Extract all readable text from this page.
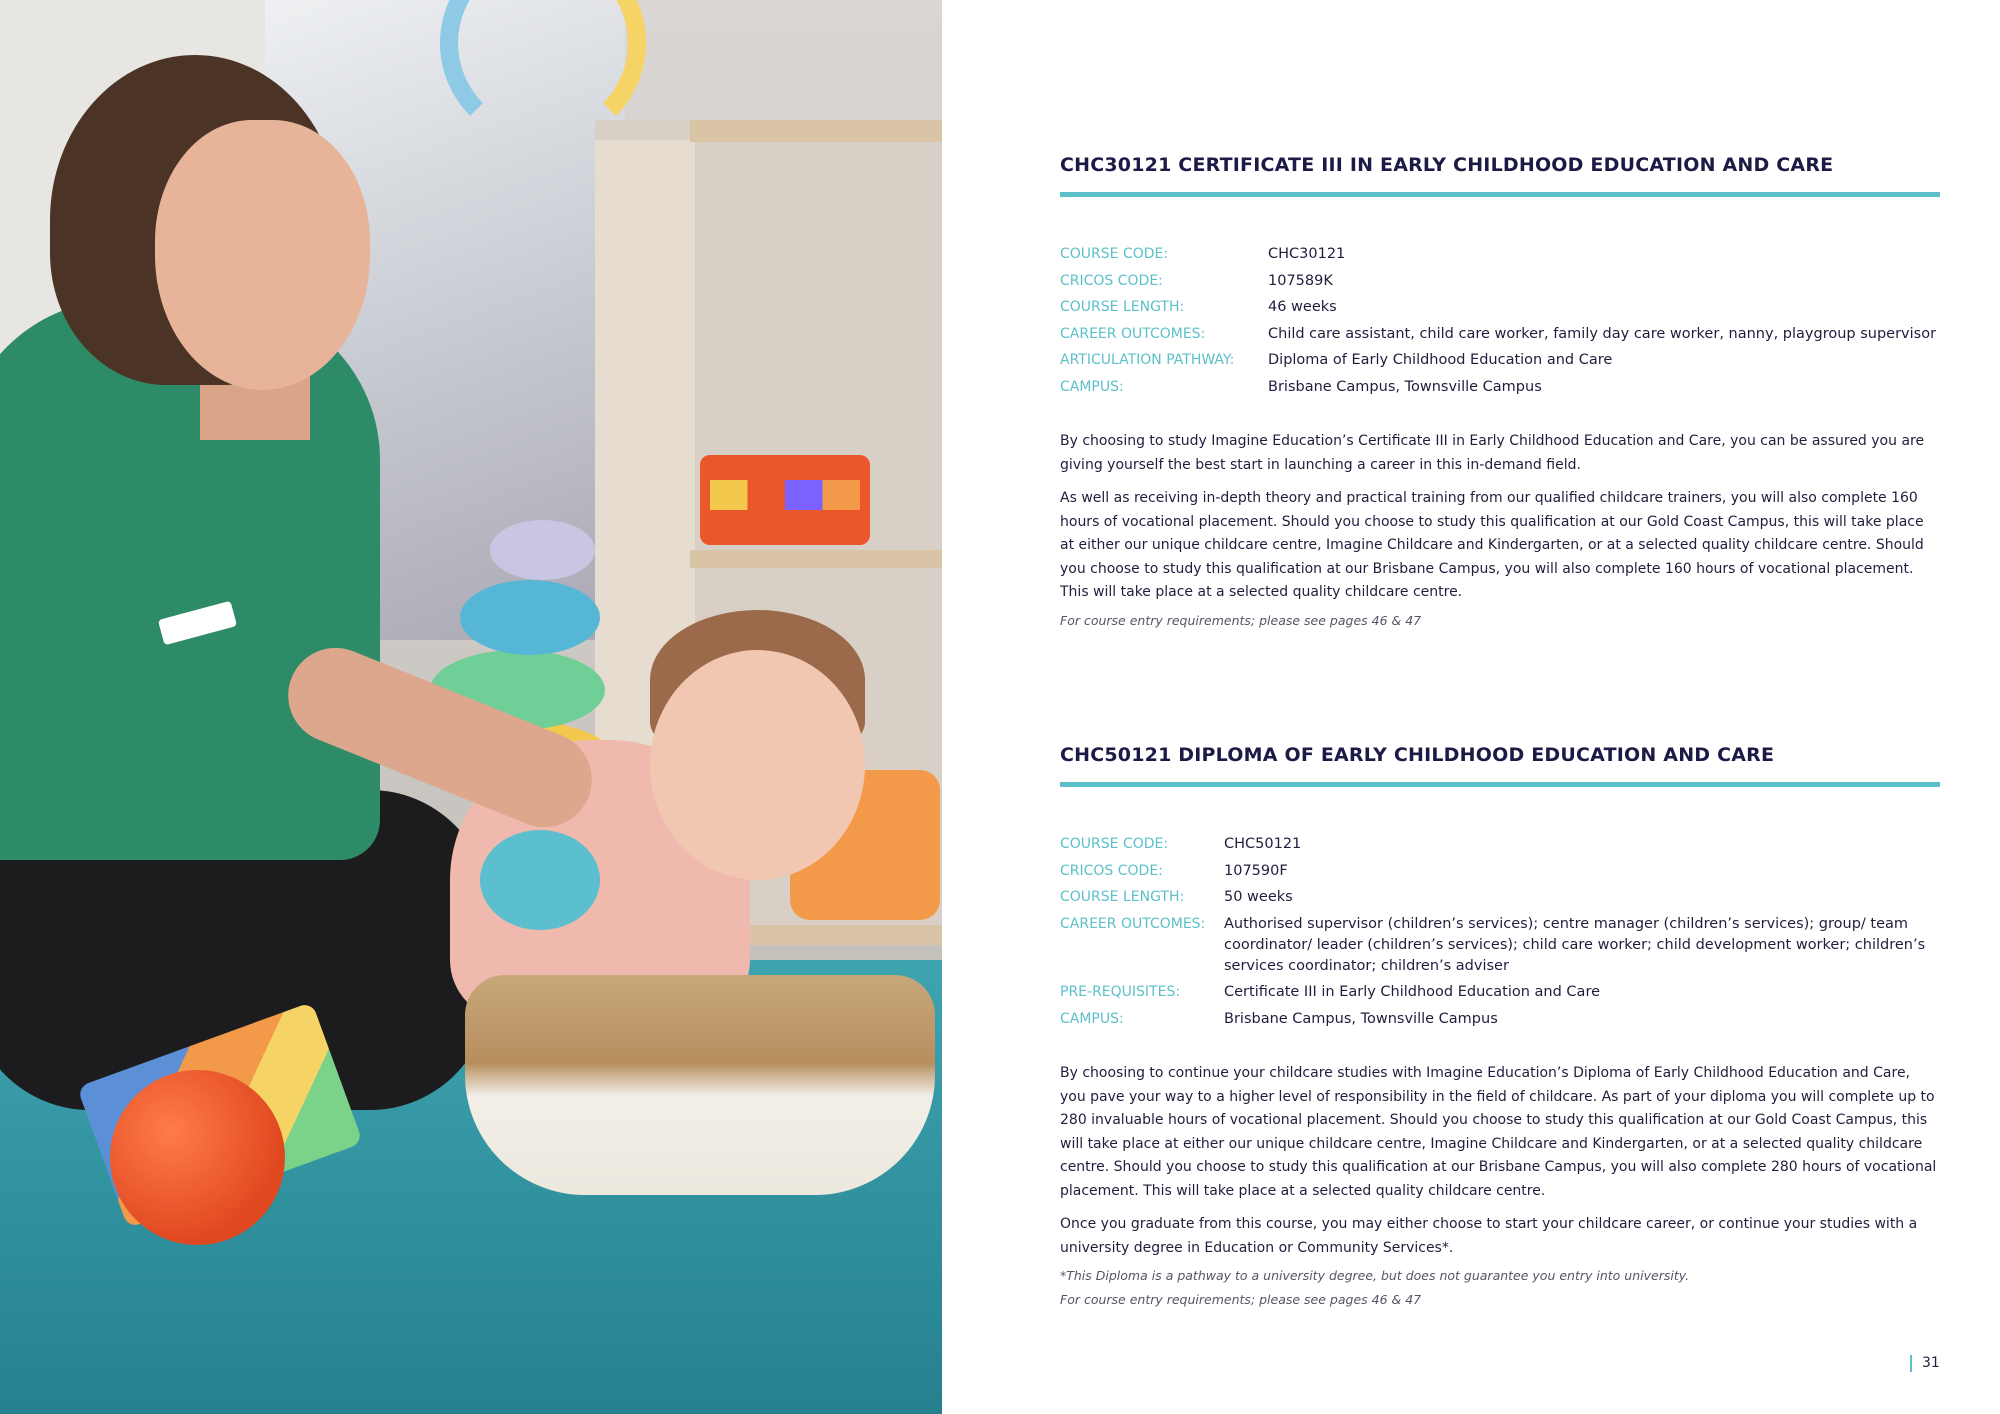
CHC30121 CERTIFICATE III IN EARLY CHILDHOOD EDUCATION AND CARE
COURSE CODE:	CHC30121
CRICOS CODE:	107589K
COURSE LENGTH:	46 weeks
CAREER OUTCOMES:	Child care assistant, child care worker, family day care worker, nanny, playgroup supervisor
ARTICULATION PATHWAY:	Diploma of Early Childhood Education and Care
CAMPUS:	Brisbane Campus, Townsville Campus

By choosing to study Imagine Education’s Certificate III in Early Childhood Education and Care, you can be assured you are giving yourself the best start in launching a career in this in-demand field.

As well as receiving in-depth theory and practical training from our qualified childcare trainers, you will also complete 160 hours of vocational placement. Should you choose to study this qualification at our Gold Coast Campus, this will take place at either our unique childcare centre, Imagine Childcare and Kindergarten, or at a selected quality childcare centre. Should you choose to study this qualification at our Brisbane Campus, you will also complete 160 hours of vocational placement. This will take place at a selected quality childcare centre.

For course entry requirements; please see pages 46 & 47

CHC50121 DIPLOMA OF EARLY CHILDHOOD EDUCATION AND CARE
COURSE CODE:	CHC50121
CRICOS CODE:	107590F
COURSE LENGTH:	50 weeks
CAREER OUTCOMES:	Authorised supervisor (children’s services); centre manager (children’s services); group/ team coordinator/ leader (children’s services); child care worker; child development worker; children’s services coordinator; children’s adviser
PRE-REQUISITES:	Certificate III in Early Childhood Education and Care
CAMPUS:	Brisbane Campus, Townsville Campus

By choosing to continue your childcare studies with Imagine Education’s Diploma of Early Childhood Education and Care, you pave your way to a higher level of responsibility in the field of childcare. As part of your diploma you will complete up to 280 invaluable hours of vocational placement. Should you choose to study this qualification at our Gold Coast Campus, this will take place at either our unique childcare centre, Imagine Childcare and Kindergarten, or at a selected quality childcare centre. Should you choose to study this qualification at our Brisbane Campus, you will also complete 280 hours of vocational placement. This will take place at a selected quality childcare centre.

Once you graduate from this course, you may either choose to start your childcare career, or continue your studies with a university degree in Education or Community Services*.

*This Diploma is a pathway to a university degree, but does not guarantee you entry into university.

For course entry requirements; please see pages 46 & 47

31
